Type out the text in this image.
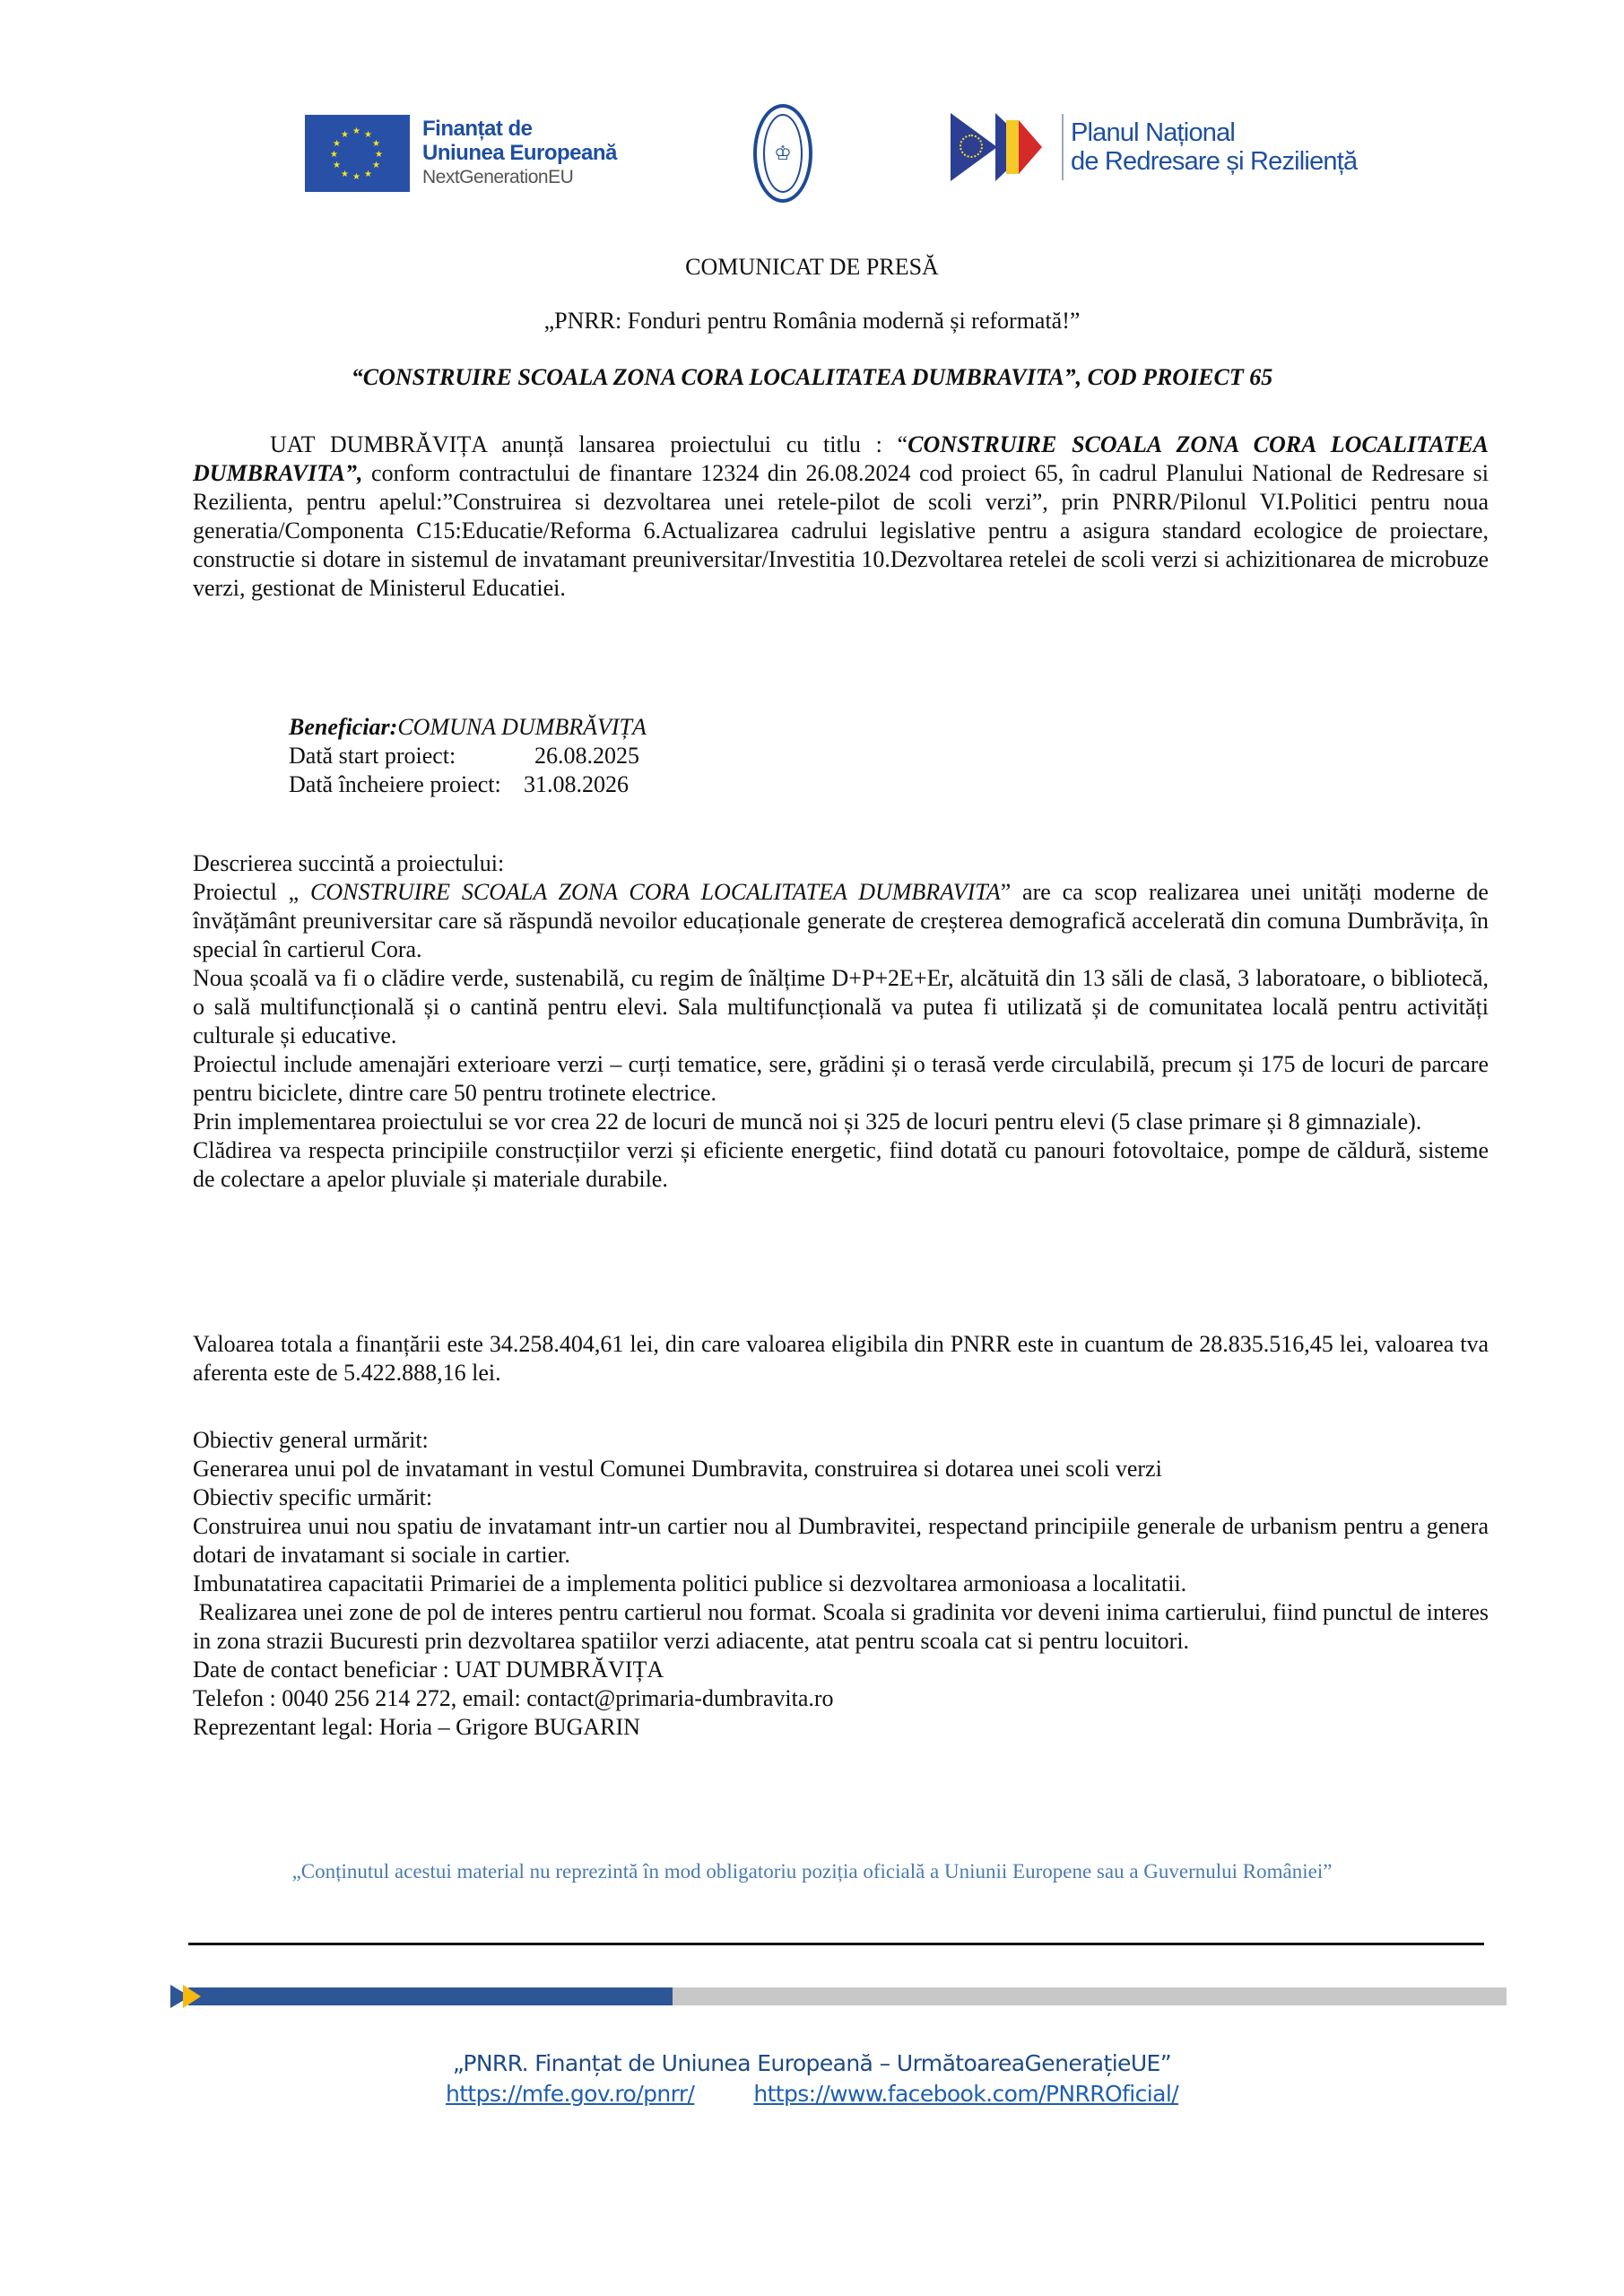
★ ★
★
★
★
★
★
★
★
★
★
★	Finanțat de
Uniunea Europeană
NextGenerationEU
♔
Planul Național
de Redresare și Reziliență
COMUNICAT DE PRESĂ
„PNRR: Fonduri pentru România modernă și reformată!”
“CONSTRUIRE SCOALA ZONA CORA LOCALITATEA DUMBRAVITA”, COD PROIECT 65

UAT DUMBRĂVIȚA anunță lansarea proiectului cu titlu : “CONSTRUIRE SCOALA ZONA CORA LOCALITATEA DUMBRAVITA”, conform contractului de finantare 12324 din 26.08.2024 cod proiect 65, în cadrul Planului National de Redresare si Rezilienta, pentru apelul:”Construirea si dezvoltarea unei retele-pilot de scoli verzi”, prin PNRR/Pilonul VI.Politici pentru noua generatia/Componenta C15:Educatie/Reforma 6.Actualizarea cadrului legislative pentru a asigura standard ecologice de proiectare, constructie si dotare in sistemul de invatamant preuniversitar/Investitia 10.Dezvoltarea retelei de scoli verzi si achizitionarea de microbuze verzi, gestionat de Ministerul Educatiei.

Beneficiar: COMUNA DUMBRĂVIȚA
Dată start proiect:	26.08.2025
Dată încheiere proiect: 31.08.2026

Descrierea succintă a proiectului:

Proiectul „ CONSTRUIRE SCOALA ZONA CORA LOCALITATEA DUMBRAVITA” are ca scop realizarea unei unități moderne de învățământ preuniversitar care să răspundă nevoilor educaționale generate de creșterea demografică accelerată din comuna Dumbrăvița, în special în cartierul Cora.

Noua școală va fi o clădire verde, sustenabilă, cu regim de înălțime D+P+2E+Er, alcătuită din 13 săli de clasă, 3 laboratoare, o bibliotecă, o sală multifuncțională și o cantină pentru elevi. Sala multifuncțională va putea fi utilizată și de comunitatea locală pentru activități culturale și educative.

Proiectul include amenajări exterioare verzi – curți tematice, sere, grădini și o terasă verde circulabilă, precum și 175 de locuri de parcare pentru biciclete, dintre care 50 pentru trotinete electrice.

Prin implementarea proiectului se vor crea 22 de locuri de muncă noi și 325 de locuri pentru elevi (5 clase primare și 8 gimnaziale).

Clădirea va respecta principiile construcțiilor verzi și eficiente energetic, fiind dotată cu panouri fotovoltaice, pompe de căldură, sisteme de colectare a apelor pluviale și materiale durabile.

Valoarea totala a finanțării este 34.258.404,61 lei, din care valoarea eligibila din PNRR este in cuantum de 28.835.516,45 lei, valoarea tva aferenta este de 5.422.888,16 lei.

Obiectiv general urmărit:

Generarea unui pol de invatamant in vestul Comunei Dumbravita, construirea si dotarea unei scoli verzi

Obiectiv specific urmărit:

Construirea unui nou spatiu de invatamant intr-un cartier nou al Dumbravitei, respectand principiile generale de urbanism pentru a genera dotari de invatamant si sociale in cartier.

Imbunatatirea capacitatii Primariei de a implementa politici publice si dezvoltarea armonioasa a localitatii.

Realizarea unei zone de pol de interes pentru cartierul nou format. Scoala si gradinita vor deveni inima cartierului, fiind punctul de interes in zona strazii Bucuresti prin dezvoltarea spatiilor verzi adiacente, atat pentru scoala cat si pentru locuitori.

Date de contact beneficiar : UAT DUMBRĂVIȚA

Telefon : 0040 256 214 272, email: contact@primaria-dumbravita.ro

Reprezentant legal: Horia – Grigore BUGARIN

„Conținutul acestui material nu reprezintă în mod obligatoriu poziția oficială a Uniunii Europene sau a Guvernului României”
„PNRR. Finanțat de Uniunea Europeană – UrmătoareaGenerațieUE”
https://mfe.gov.ro/pnrr/	https://www.facebook.com/PNRROficial/
